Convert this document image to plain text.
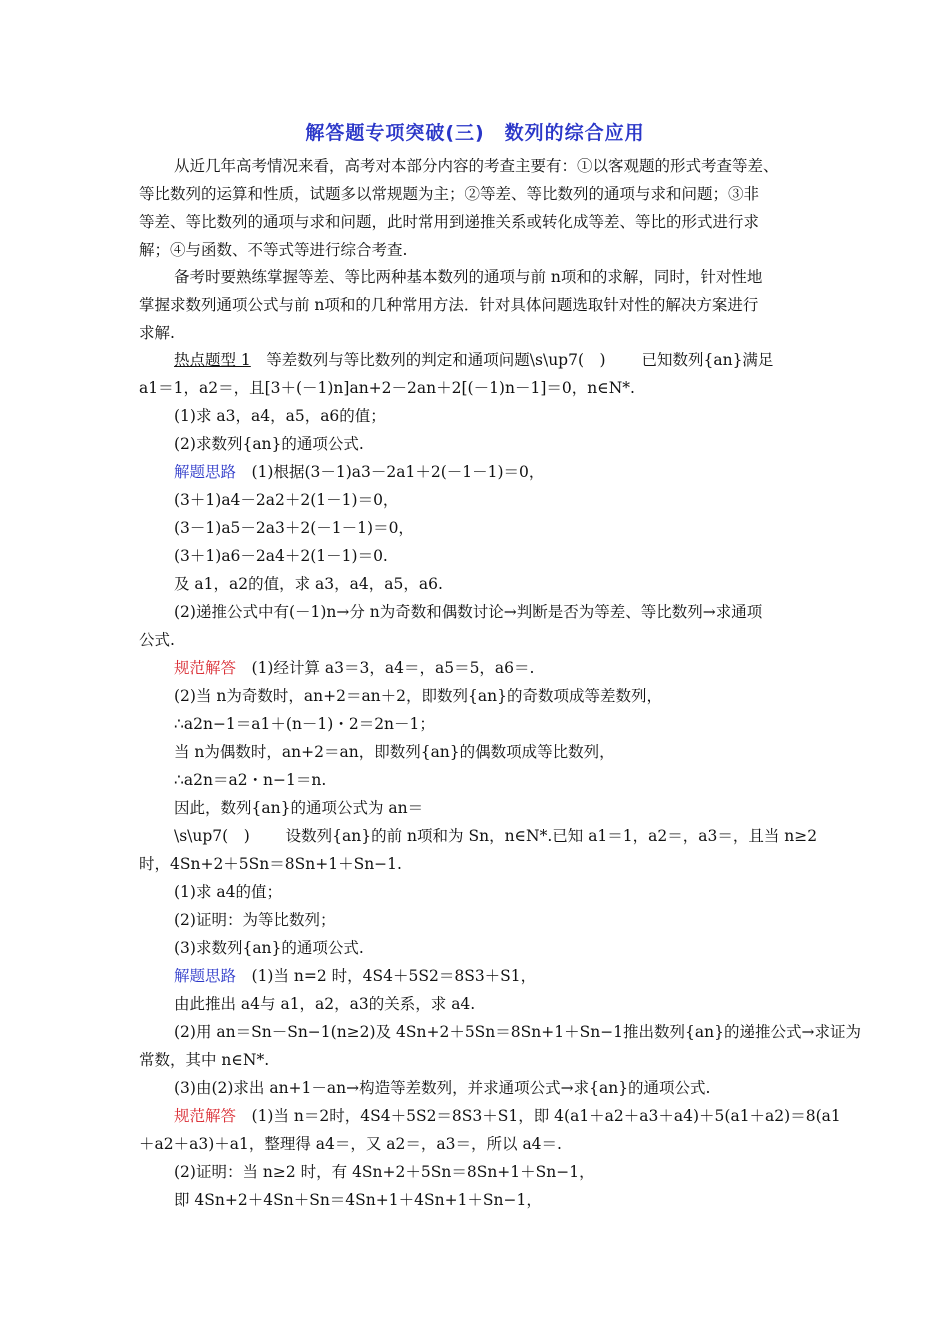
解答题专项突破(三)　数列的综合应用
从近几年高考情况来看，高考对本部分内容的考查主要有：①以客观题的形式考查等差、
等比数列的运算和性质，试题多以常规题为主；②等差、等比数列的通项与求和问题；③非
等差、等比数列的通项与求和问题，此时常用到递推关系或转化成等差、等比的形式进行求
解；④与函数、不等式等进行综合考查.
备考时要熟练掌握等差、等比两种基本数列的通项与前 n项和的求解，同时，针对性地
掌握求数列通项公式与前 n项和的几种常用方法．针对具体问题选取针对性的解决方案进行
求解.
热点题型 1　等差数列与等比数列的判定和通项问题\s\up7(　)　　 已知数列{an}满足
a1＝1，a2＝，且[3＋(－1)n]an+2－2an＋2[(－1)n－1]＝0，n∈N*.
(1)求 a3，a4，a5，a6的值；
(2)求数列{an}的通项公式.
解题思路　(1)根据(3－1)a3－2a1＋2(－1－1)＝0，
(3＋1)a4－2a2＋2(1－1)＝0，
(3－1)a5－2a3＋2(－1－1)＝0，
(3＋1)a6－2a4＋2(1－1)＝0.
及 a1，a2的值，求 a3，a4，a5，a6.
(2)递推公式中有(－1)n→分 n为奇数和偶数讨论→判断是否为等差、等比数列→求通项
公式.
规范解答　(1)经计算 a3＝3，a4＝，a5＝5，a6＝.
(2)当 n为奇数时，an+2＝an＋2，即数列{an}的奇数项成等差数列，
∴a2n−1＝a1＋(n－1)・2＝2n－1；
当 n为偶数时，an+2＝an，即数列{an}的偶数项成等比数列，
∴a2n＝a2・n−1＝n.
因此，数列{an}的通项公式为 an＝
\s\up7(　)　　 设数列{an}的前 n项和为 Sn，n∈N*.已知 a1＝1，a2＝，a3＝，且当 n≥2
时，4Sn+2＋5Sn＝8Sn+1＋Sn−1.
(1)求 a4的值；
(2)证明：为等比数列；
(3)求数列{an}的通项公式.
解题思路　(1)当 n=2 时，4S4＋5S2＝8S3＋S1，
由此推出 a4与 a1，a2，a3的关系，求 a4.
(2)用 an＝Sn－Sn−1(n≥2)及 4Sn+2＋5Sn＝8Sn+1＋Sn−1推出数列{an}的递推公式→求证为
常数，其中 n∈N*.
(3)由(2)求出 an+1－an→构造等差数列，并求通项公式→求{an}的通项公式.
规范解答　(1)当 n＝2时，4S4＋5S2＝8S3＋S1，即 4(a1＋a2＋a3＋a4)＋5(a1＋a2)＝8(a1
＋a2＋a3)＋a1，整理得 a4＝，又 a2＝，a3＝，所以 a4＝.
(2)证明：当 n≥2 时，有 4Sn+2＋5Sn＝8Sn+1＋Sn−1，
即 4Sn+2＋4Sn＋Sn＝4Sn+1＋4Sn+1＋Sn−1，
